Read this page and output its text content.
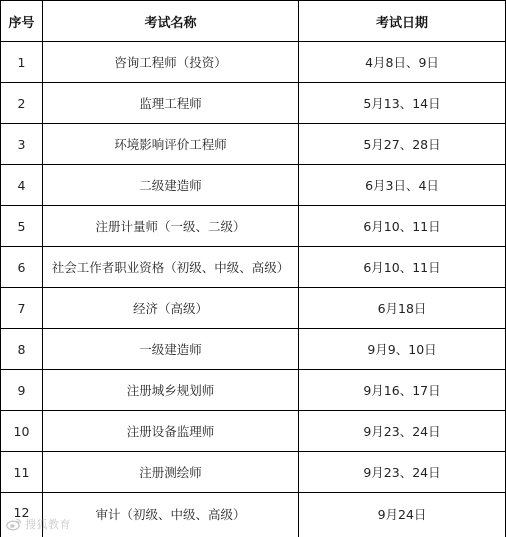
序号	考试名称	考试日期
1	咨询工程师（投资）	4月8日、9日
2	监理工程师	5月13、14日
3	环境影响评价工程师	5月27、28日
4	二级建造师	6月3日、4日
5	注册计量师（一级、二级）	6月10、11日
6	社会工作者职业资格（初级、中级、高级）	6月10、11日
7	经济（高级）	6月18日
8	一级建造师	9月9、10日
9	注册城乡规划师	9月16、17日
10	注册设备监理师	9月23、24日
11	注册测绘师	9月23、24日
12	审计（初级、中级、高级）	9月24日
搜狐教育
